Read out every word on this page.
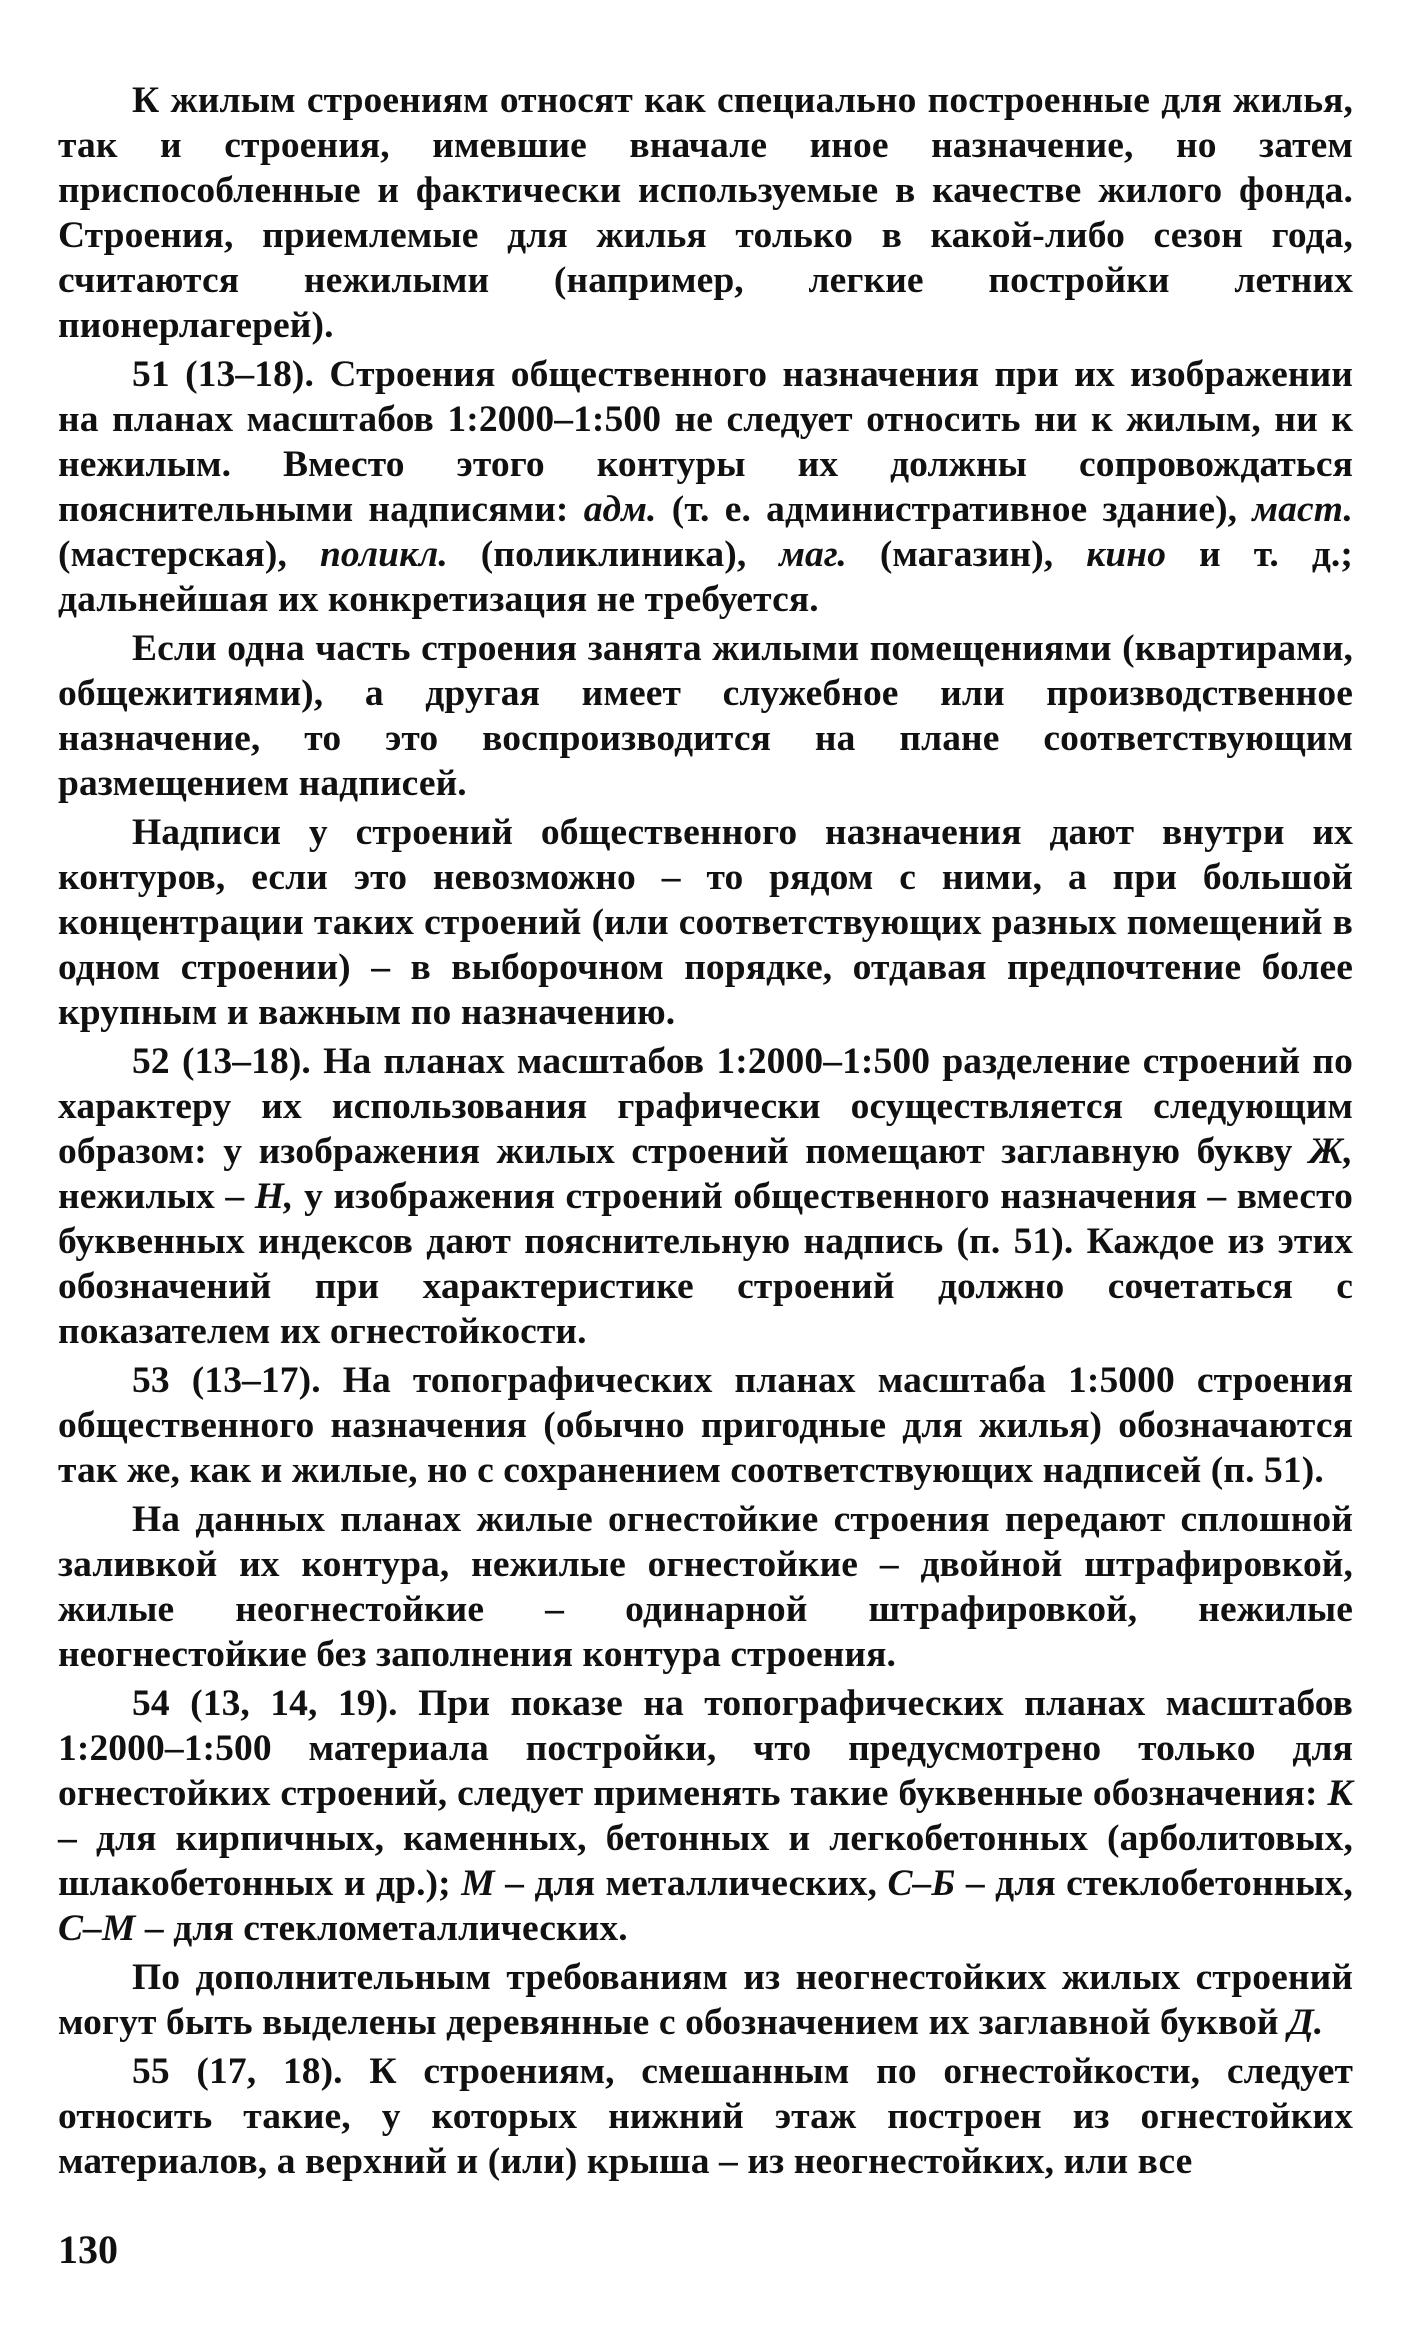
К жилым строениям относят как специально построенные для жилья, так и строения, имевшие вначале иное назначение, но затем приспособленные и фактически используемые в качестве жилого фонда. Строения, приемлемые для жилья только в какой-либо сезон года, считаются нежилыми (например, легкие постройки летних пионерлагерей).

51 (13–18). Строения общественного назначения при их изображении на планах масштабов 1:2000–1:500 не следует относить ни к жилым, ни к нежилым. Вместо этого контуры их должны сопровождаться пояснительными надписями: адм. (т. е. административное здание), маст. (мастерская), поликл. (поликлиника), маг. (магазин), кино и т. д.; дальнейшая их конкретизация не требуется.

Если одна часть строения занята жилыми помещениями (квартирами, общежитиями), а другая имеет служебное или производственное назначение, то это воспроизводится на плане соответствующим размещением надписей.

Надписи у строений общественного назначения дают внутри их контуров, если это невозможно – то рядом с ними, а при большой концентрации таких строений (или соответствующих разных помещений в одном строении) – в выборочном порядке, отдавая предпочтение более крупным и важным по назначению.

52 (13–18). На планах масштабов 1:2000–1:500 разделение строений по характеру их использования графически осуществляется следующим образом: у изображения жилых строений помещают заглавную букву Ж, нежилых – Н, у изображения строений общественного назначения – вместо буквенных индексов дают пояснительную надпись (п. 51). Каждое из этих обозначений при характеристике строений должно сочетаться с показателем их огнестойкости.

53 (13–17). На топографических планах масштаба 1:5000 строения общественного назначения (обычно пригодные для жилья) обозначаются так же, как и жилые, но с сохранением соответствующих надписей (п. 51).

На данных планах жилые огнестойкие строения передают сплошной заливкой их контура, нежилые огнестойкие – двойной штрафировкой, жилые неогнестойкие – одинарной штрафировкой, нежилые неогнестойкие без заполнения контура строения.

54 (13, 14, 19). При показе на топографических планах масштабов 1:2000–1:500 материала постройки, что предусмотрено только для огнестойких строений, следует применять такие буквенные обозначения: К – для кирпичных, каменных, бетонных и легкобетонных (арболитовых, шлакобетонных и др.); М – для металлических, С–Б – для стеклобетонных, С–М – для стеклометаллических.

По дополнительным требованиям из неогнестойких жилых строений могут быть выделены деревянные с обозначением их заглавной буквой Д.

55 (17, 18). К строениям, смешанным по огнестойкости, следует относить такие, у которых нижний этаж построен из огнестойких материалов, а верхний и (или) крыша – из неогнестойких, или все

130
